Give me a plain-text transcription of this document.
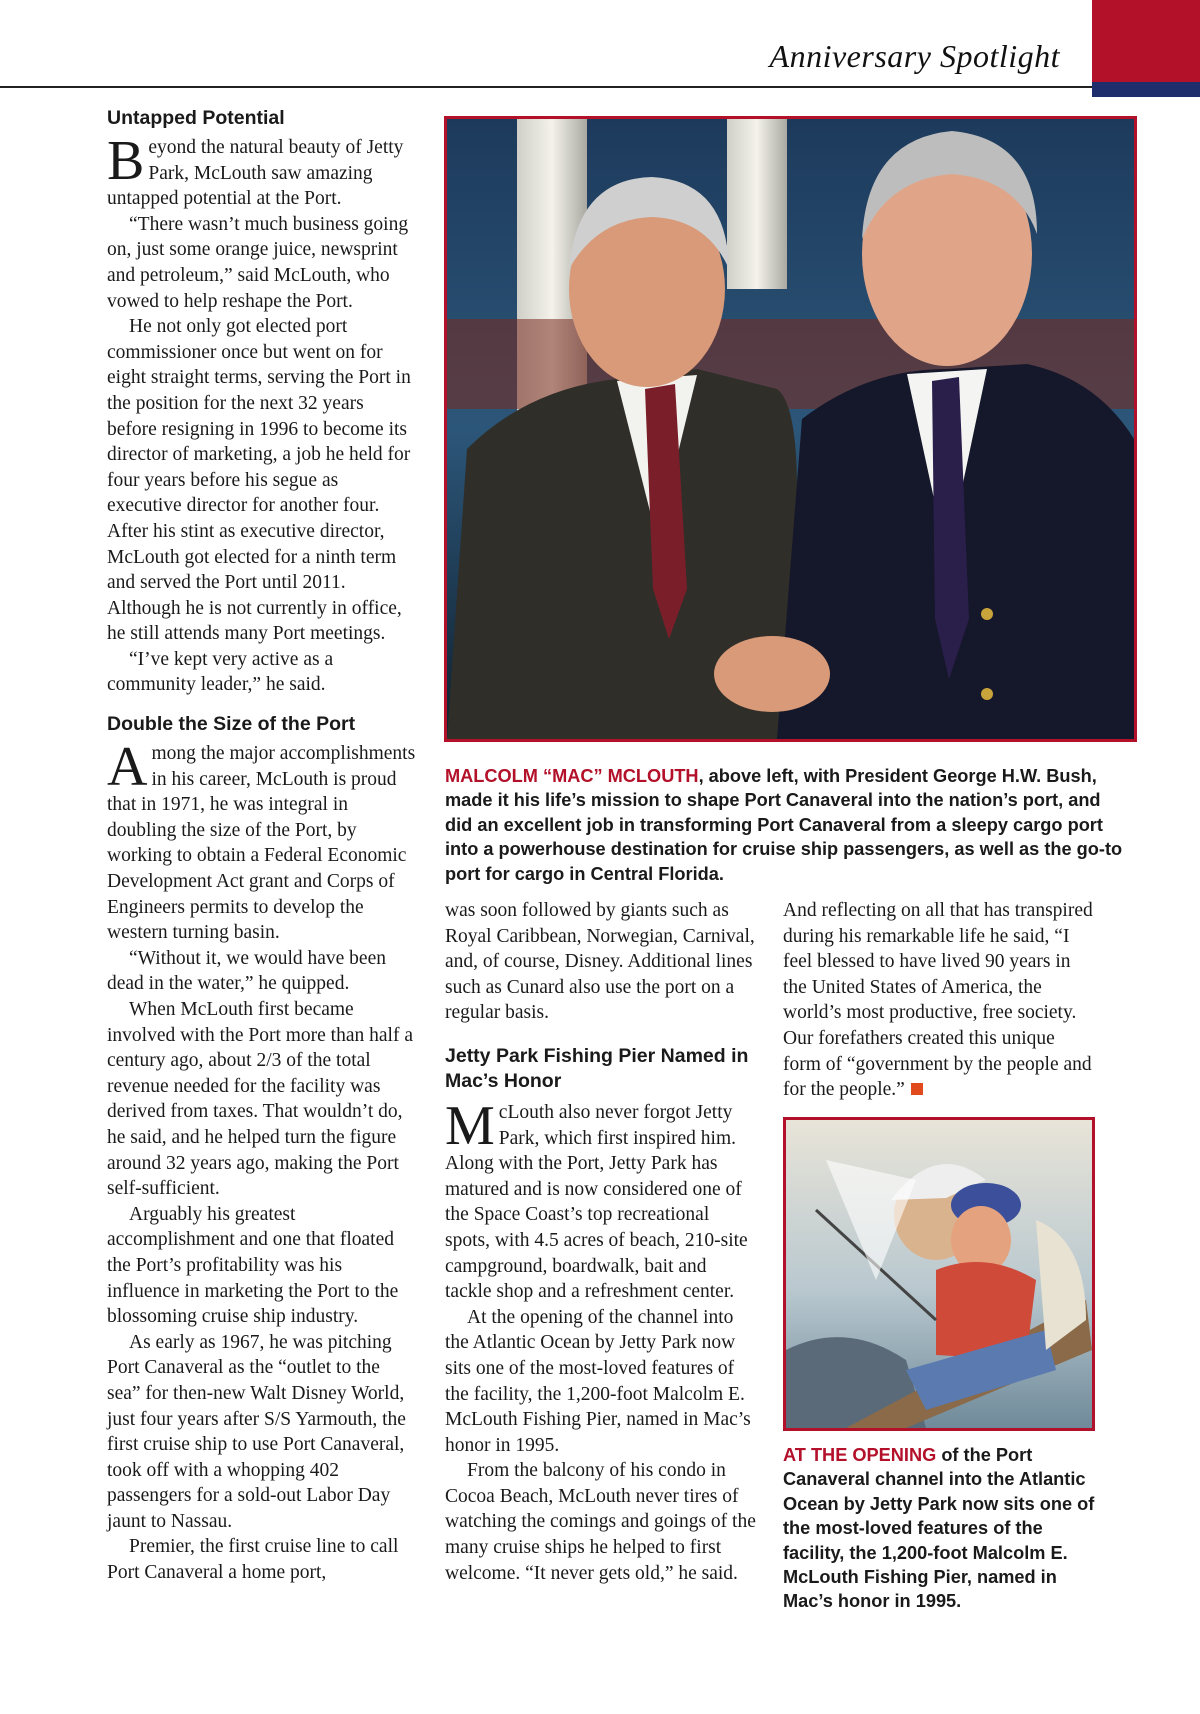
Anniversary Spotlight
Untapped Potential

Beyond the natural beauty of Jetty Park, McLouth saw amazing untapped potential at the Port.

“There wasn’t much business going on, just some orange juice, newsprint and petroleum,” said McLouth, who vowed to help reshape the Port.

He not only got elected port commissioner once but went on for eight straight terms, serving the Port in the position for the next 32 years before resigning in 1996 to become its director of marketing, a job he held for four years before his segue as executive director for another four. After his stint as executive director, McLouth got elected for a ninth term and served the Port until 2011. Although he is not currently in office, he still attends many Port meetings.

“I’ve kept very active as a community leader,” he said.

Double the Size of the Port

Among the major accomplishments in his career, McLouth is proud that in 1971, he was integral in doubling the size of the Port, by working to obtain a Federal Economic Development Act grant and Corps of Engineers permits to develop the western turning basin.

“Without it, we would have been dead in the water,” he quipped.

When McLouth first became involved with the Port more than half a century ago, about 2/3 of the total revenue needed for the facility was derived from taxes. That wouldn’t do, he said, and he helped turn the figure around 32 years ago, making the Port self-sufficient.

Arguably his greatest accomplishment and one that floated the Port’s profitability was his influence in marketing the Port to the blossoming cruise ship industry.

As early as 1967, he was pitching Port Canaveral as the “outlet to the sea” for then-new Walt Disney World, just four years after S/S Yarmouth, the first cruise ship to use Port Canaveral, took off with a whopping 402 passengers for a sold-out Labor Day jaunt to Nassau.

Premier, the first cruise line to call Port Canaveral a home port,

MALCOLM “MAC” MCLOUTH, above left, with President George H.W. Bush, made it his life’s mission to shape Port Canaveral into the nation’s port, and did an excellent job in transforming Port Canaveral from a sleepy cargo port into a powerhouse destination for cruise ship passengers, as well as the go-to port for cargo in Central Florida.

was soon followed by giants such as Royal Caribbean, Norwegian, Carnival, and, of course, Disney. Additional lines such as Cunard also use the port on a regular basis.

Jetty Park Fishing Pier Named in Mac’s Honor

McLouth also never forgot Jetty Park, which first inspired him. Along with the Port, Jetty Park has matured and is now considered one of the Space Coast’s top recreational spots, with 4.5 acres of beach, 210-site campground, boardwalk, bait and tackle shop and a refreshment center.

At the opening of the channel into the Atlantic Ocean by Jetty Park now sits one of the most-loved features of the facility, the 1,200-foot Malcolm E. McLouth Fishing Pier, named in Mac’s honor in 1995.

From the balcony of his condo in Cocoa Beach, McLouth never tires of watching the comings and goings of the many cruise ships he helped to first welcome. “It never gets old,” he said.

And reflecting on all that has transpired during his remarkable life he said, “I feel blessed to have lived 90 years in the United States of America, the world’s most productive, free society. Our forefathers created this unique form of “government by the people and for the people.”

AT THE OPENING of the Port Canaveral channel into the Atlantic Ocean by Jetty Park now sits one of the most-loved features of the facility, the 1,200-foot Malcolm E. McLouth Fishing Pier, named in Mac’s honor in 1995.
